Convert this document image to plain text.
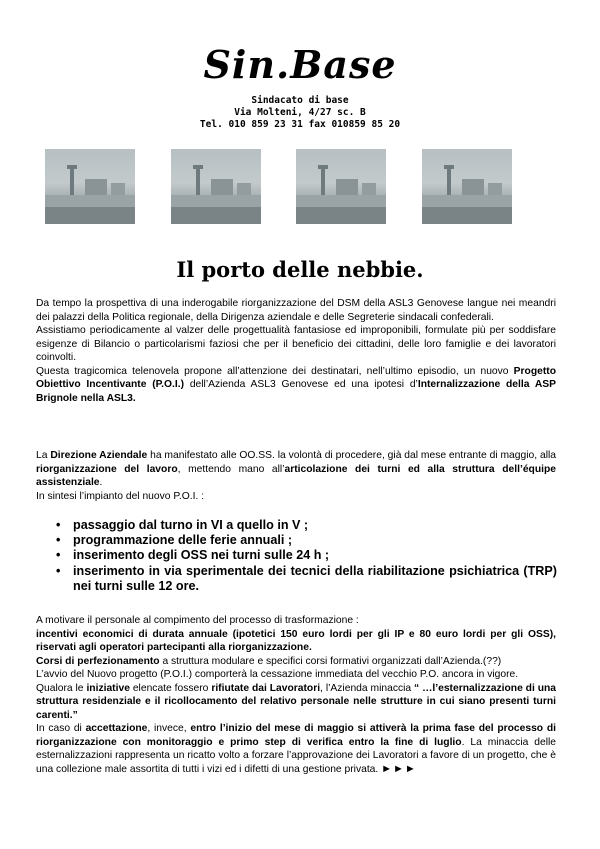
Sin.Base
Sindacato di base
Via Molteni, 4/27 sc. B
Tel. 010 859 23 31 fax 010859 85 20
Il porto delle nebbie.

Da tempo la prospettiva di una inderogabile riorganizzazione del DSM della ASL3 Genovese langue nei meandri dei palazzi della Politica regionale, della Dirigenza aziendale e delle Segreterie sindacali confederali.

Assistiamo periodicamente al valzer delle progettualità fantasiose ed improponibili, formulate più per soddisfare esigenze di Bilancio o particolarismi faziosi che per il beneficio dei cittadini, delle loro famiglie e dei lavoratori coinvolti.

Questa tragicomica telenovela propone all’attenzione dei destinatari, nell’ultimo episodio, un nuovo Progetto Obiettivo Incentivante (P.O.I.) dell’Azienda ASL3 Genovese ed una ipotesi d’Internalizzazione della ASP Brignole nella ASL3.

La Direzione Aziendale ha manifestato alle OO.SS. la volontà di procedere, già dal mese entrante di maggio, alla riorganizzazione del lavoro, mettendo mano all’articolazione dei turni ed alla struttura dell’équipe assistenziale.

In sintesi l’impianto del nuovo P.O.I. :

• passaggio dal turno in VI a quello in V ;
• programmazione delle ferie annuali ;
• inserimento degli OSS nei turni sulle 24 h ;
• inserimento in via sperimentale dei tecnici della riabilitazione psichiatrica (TRP) nei turni sulle 12 ore.

A motivare il personale al compimento del processo di trasformazione :

incentivi economici di durata annuale (ipotetici 150 euro lordi per gli IP e 80 euro lordi per gli OSS), riservati agli operatori partecipanti alla riorganizzazione.

Corsi di perfezionamento a struttura modulare e specifici corsi formativi organizzati dall’Azienda.(??)

L’avvio del Nuovo progetto (P.O.I.) comporterà la cessazione immediata del vecchio P.O. ancora in vigore.

Qualora le iniziative elencate fossero rifiutate dai Lavoratori, l’Azienda minaccia “ …l’esternalizzazione di una struttura residenziale e il ricollocamento del relativo personale nelle strutture in cui siano presenti turni carenti.”

In caso di accettazione, invece, entro l’inizio del mese di maggio si attiverà la prima fase del processo di riorganizzazione con monitoraggio e primo step di verifica entro la fine di luglio. La minaccia delle esternalizzazioni rappresenta un ricatto volto a forzare l’approvazione dei Lavoratori a favore di un progetto, che è una collezione male assortita di tutti i vizi ed i difetti di una gestione privata. ►►►
